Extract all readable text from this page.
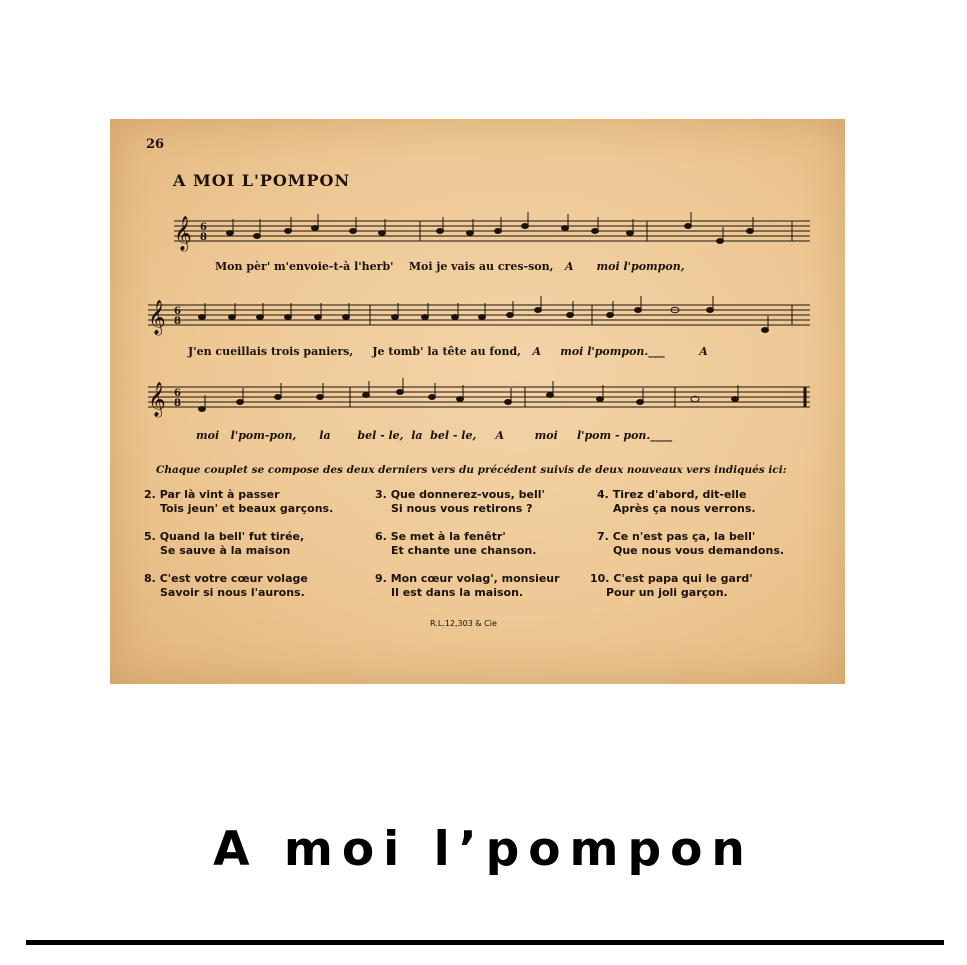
26
A MOI L'POMPON
𝄞 6
8
𝄞 6
8
𝄞 6
8
Mon pèr' m'envoie-t-à l'herb' Moi je vais au cres-son, A moi l'pompon,
J'en cueillais trois paniers, Je tomb' la tête au fond, A moi l'pompon.___	A
moi l'pom-pon, la bel - le, la bel - le, A	moi l'pom - pon.____
Chaque couplet se compose des deux derniers vers du précédent suivis de deux nouveaux vers indiqués ici:
2. Par là vint à passer
Tois jeun' et beaux garçons.
3. Que donnerez-vous, bell'
Si nous vous retirons ?
4. Tirez d'abord, dit-elle
Après ça nous verrons.
5. Quand la bell' fut tirée,
Se sauve à la maison
6. Se met à la fenêtr'
Et chante une chanson.
7. Ce n'est pas ça, la bell'
Que nous vous demandons.
8. C'est votre cœur volage
Savoir si nous l'aurons.
9. Mon cœur volag', monsieur
Il est dans la maison.
10. C'est papa qui le gard'
Pour un joli garçon.
R.L.12,303 & Cie
A moi l’pompon
